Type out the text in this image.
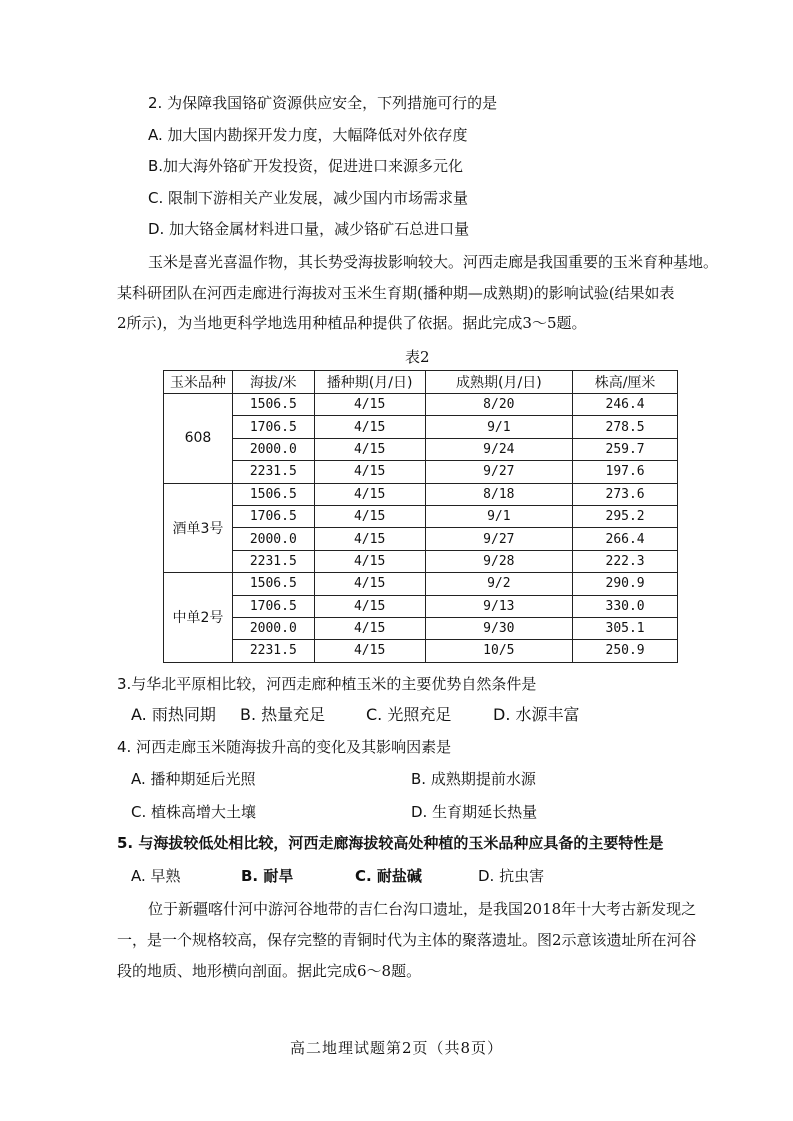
2. 为保障我国铬矿资源供应安全，下列措施可行的是
A. 加大国内勘探开发力度，大幅降低对外依存度
B.加大海外铬矿开发投资，促进进口来源多元化
C. 限制下游相关产业发展，减少国内市场需求量
D. 加大铬金属材料进口量，减少铬矿石总进口量
玉米是喜光喜温作物，其长势受海拔影响较大。河西走廊是我国重要的玉米育种基地。
某科研团队在河西走廊进行海拔对玉米生育期(播种期—成熟期)的影响试验(结果如表
2所示)，为当地更科学地选用种植品种提供了依据。据此完成3～5题。
表2
玉米品种	海拔/米	播种期(月/日)	成熟期(月/日)	株高/厘米
608	1506.5	4/15	8/20	246.4
	1706.5	4/15	9/1	278.5
	2000.0	4/15	9/24	259.7
	2231.5	4/15	9/27	197.6
酒单3号	1506.5	4/15	8/18	273.6
	1706.5	4/15	9/1	295.2
	2000.0	4/15	9/27	266.4
	2231.5	4/15	9/28	222.3
中单2号	1506.5	4/15	9/2	290.9
	1706.5	4/15	9/13	330.0
	2000.0	4/15	9/30	305.1
	2231.5	4/15	10/5	250.9
3.与华北平原相比较，河西走廊种植玉米的主要优势自然条件是
A. 雨热同期 B. 热量充足	C. 光照充足	D. 水源丰富
4. 河西走廊玉米随海拔升高的变化及其影响因素是
A. 播种期延后光照	B. 成熟期提前水源
C. 植株高增大土壤	D. 生育期延长热量
5. 与海拔较低处相比较，河西走廊海拔较高处种植的玉米品种应具备的主要特性是
A. 早熟	B. 耐旱	C. 耐盐碱	D. 抗虫害
位于新疆喀什河中游河谷地带的吉仁台沟口遗址，是我国2018年十大考古新发现之
一，是一个规格较高，保存完整的青铜时代为主体的聚落遗址。图2示意该遗址所在河谷
段的地质、地形横向剖面。据此完成6～8题。
高二地理试题第2页（共8页）
